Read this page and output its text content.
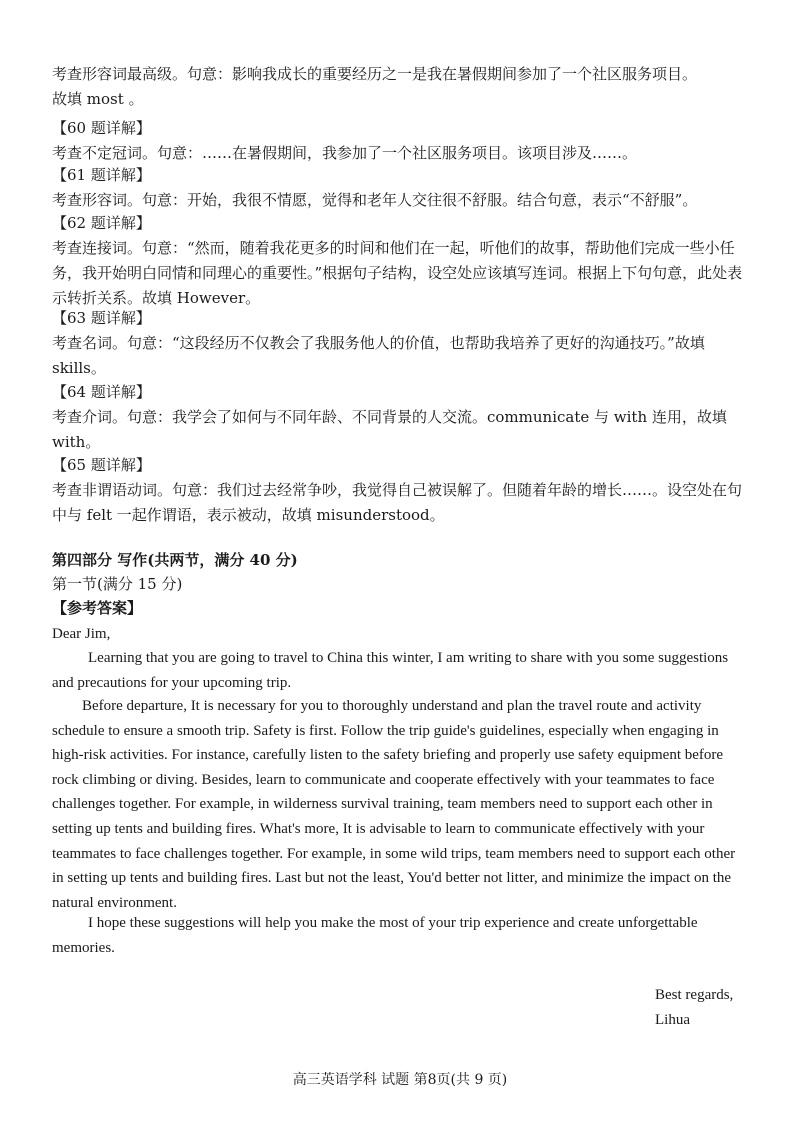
考查形容词最高级。句意：影响我成长的重要经历之一是我在暑假期间参加了一个社区服务项目。
故填 most 。
【60 题详解】
考查不定冠词。句意：……在暑假期间，我参加了一个社区服务项目。该项目涉及……。
【61 题详解】
考查形容词。句意：开始，我很不情愿，觉得和老年人交往很不舒服。结合句意，表示“不舒服”。
【62 题详解】
考查连接词。句意：“然而，随着我花更多的时间和他们在一起，听他们的故事，帮助他们完成一些小任务，我开始明白同情和同理心的重要性。”根据句子结构，设空处应该填写连词。根据上下句句意，此处表示转折关系。故填 However。
【63 题详解】
考查名词。句意：“这段经历不仅教会了我服务他人的价值，也帮助我培养了更好的沟通技巧。”故填 skills。
【64 题详解】
考查介词。句意：我学会了如何与不同年龄、不同背景的人交流。communicate 与 with 连用，故填 with。
【65 题详解】
考查非谓语动词。句意：我们过去经常争吵，我觉得自己被误解了。但随着年龄的增长……。设空处在句中与 felt 一起作谓语，表示被动，故填 misunderstood。
第四部分 写作(共两节，满分 40 分)
第一节(满分 15 分)
【参考答案】
Dear Jim,
Learning that you are going to travel to China this winter, I am writing to share with you some suggestions and precautions for your upcoming trip.
Before departure, It is necessary for you to thoroughly understand and plan the travel route and activity schedule to ensure a smooth trip. Safety is first. Follow the trip guide's guidelines, especially when engaging in high-risk activities. For instance, carefully listen to the safety briefing and properly use safety equipment before rock climbing or diving. Besides, learn to communicate and cooperate effectively with your teammates to face challenges together. For example, in wilderness survival training, team members need to support each other in setting up tents and building fires. What's more, It is advisable to learn to communicate effectively with your teammates to face challenges together. For example, in some wild trips, team members need to support each other in setting up tents and building fires. Last but not the least, You'd better not litter, and minimize the impact on the natural environment.
I hope these suggestions will help you make the most of your trip experience and create unforgettable memories.
Best regards,
Lihua
高三英语学科 试题 第8页(共 9 页)
